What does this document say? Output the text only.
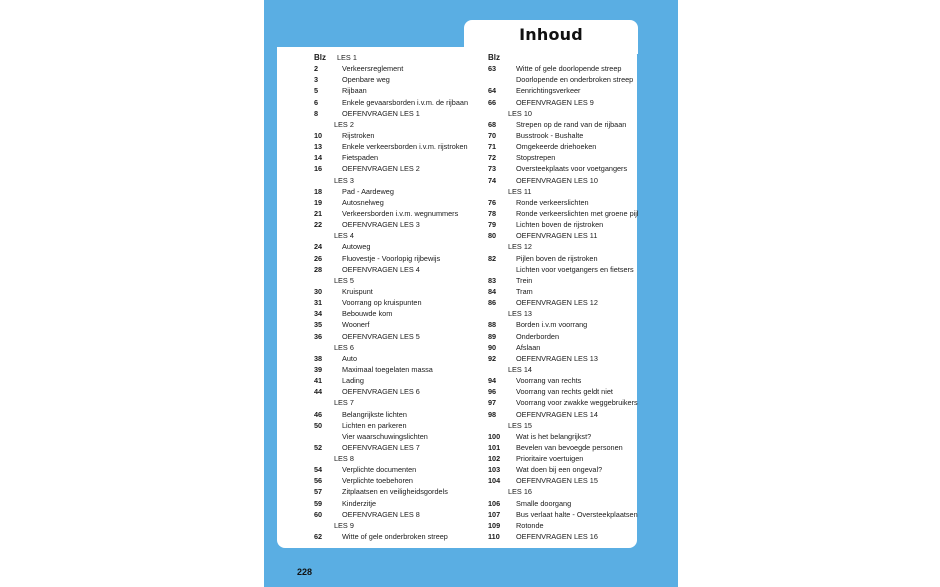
Inhoud
Blz LES 1
2	Verkeersreglement
3	Openbare weg
5	Rijbaan
6	Enkele gevaarsborden i.v.m. de rijbaan
8	OEFENVRAGEN LES 1
LES 2
10	Rijstroken
13	Enkele verkeersborden i.v.m. rijstroken
14	Fietspaden
16	OEFENVRAGEN LES 2
LES 3
18	Pad - Aardeweg
19	Autosnelweg
21	Verkeersborden i.v.m. wegnummers
22	OEFENVRAGEN LES 3
LES 4
24	Autoweg
26	Fluovestje - Voorlopig rijbewijs
28	OEFENVRAGEN LES 4
LES 5
30	Kruispunt
31	Voorrang op kruispunten
34	Bebouwde kom
35	Woonerf
36	OEFENVRAGEN LES 5
LES 6
38	Auto
39	Maximaal toegelaten massa
41	Lading
44	OEFENVRAGEN LES 6
LES 7
46	Belangrijkste lichten
50	Lichten en parkeren
Vier waarschuwingslichten
52	OEFENVRAGEN LES 7
LES 8
54	Verplichte documenten
56	Verplichte toebehoren
57	Zitplaatsen en veiligheidsgordels
59	Kinderzitje
60	OEFENVRAGEN LES 8
LES 9
62	Witte of gele onderbroken streep
Blz
63	Witte of gele doorlopende streep
Doorlopende en onderbroken streep
64	Eenrichtingsverkeer
66	OEFENVRAGEN LES 9
LES 10
68	Strepen op de rand van de rijbaan
70	Busstrook - Bushalte
71	Omgekeerde driehoeken
72	Stopstrepen
73	Oversteekplaats voor voetgangers
74	OEFENVRAGEN LES 10
LES 11
76	Ronde verkeerslichten
78	Ronde verkeerslichten met groene pijl
79	Lichten boven de rijstroken
80	OEFENVRAGEN LES 11
LES 12
82	Pijlen boven de rijstroken
Lichten voor voetgangers en fietsers
83	Trein
84	Tram
86	OEFENVRAGEN LES 12
LES 13
88	Borden i.v.m voorrang
89	Onderborden
90	Afslaan
92	OEFENVRAGEN LES 13
LES 14
94	Voorrang van rechts
96	Voorrang van rechts geldt niet
97	Voorrang voor zwakke weggebruikers
98	OEFENVRAGEN LES 14
LES 15
100 Wat is het belangrijkst?
101 Bevelen van bevoegde personen
102 Prioritaire voertuigen
103 Wat doen bij een ongeval?
104 OEFENVRAGEN LES 15
LES 16
106 Smalle doorgang
107 Bus verlaat halte - Oversteekplaatsen
109 Rotonde
110 OEFENVRAGEN LES 16
228
